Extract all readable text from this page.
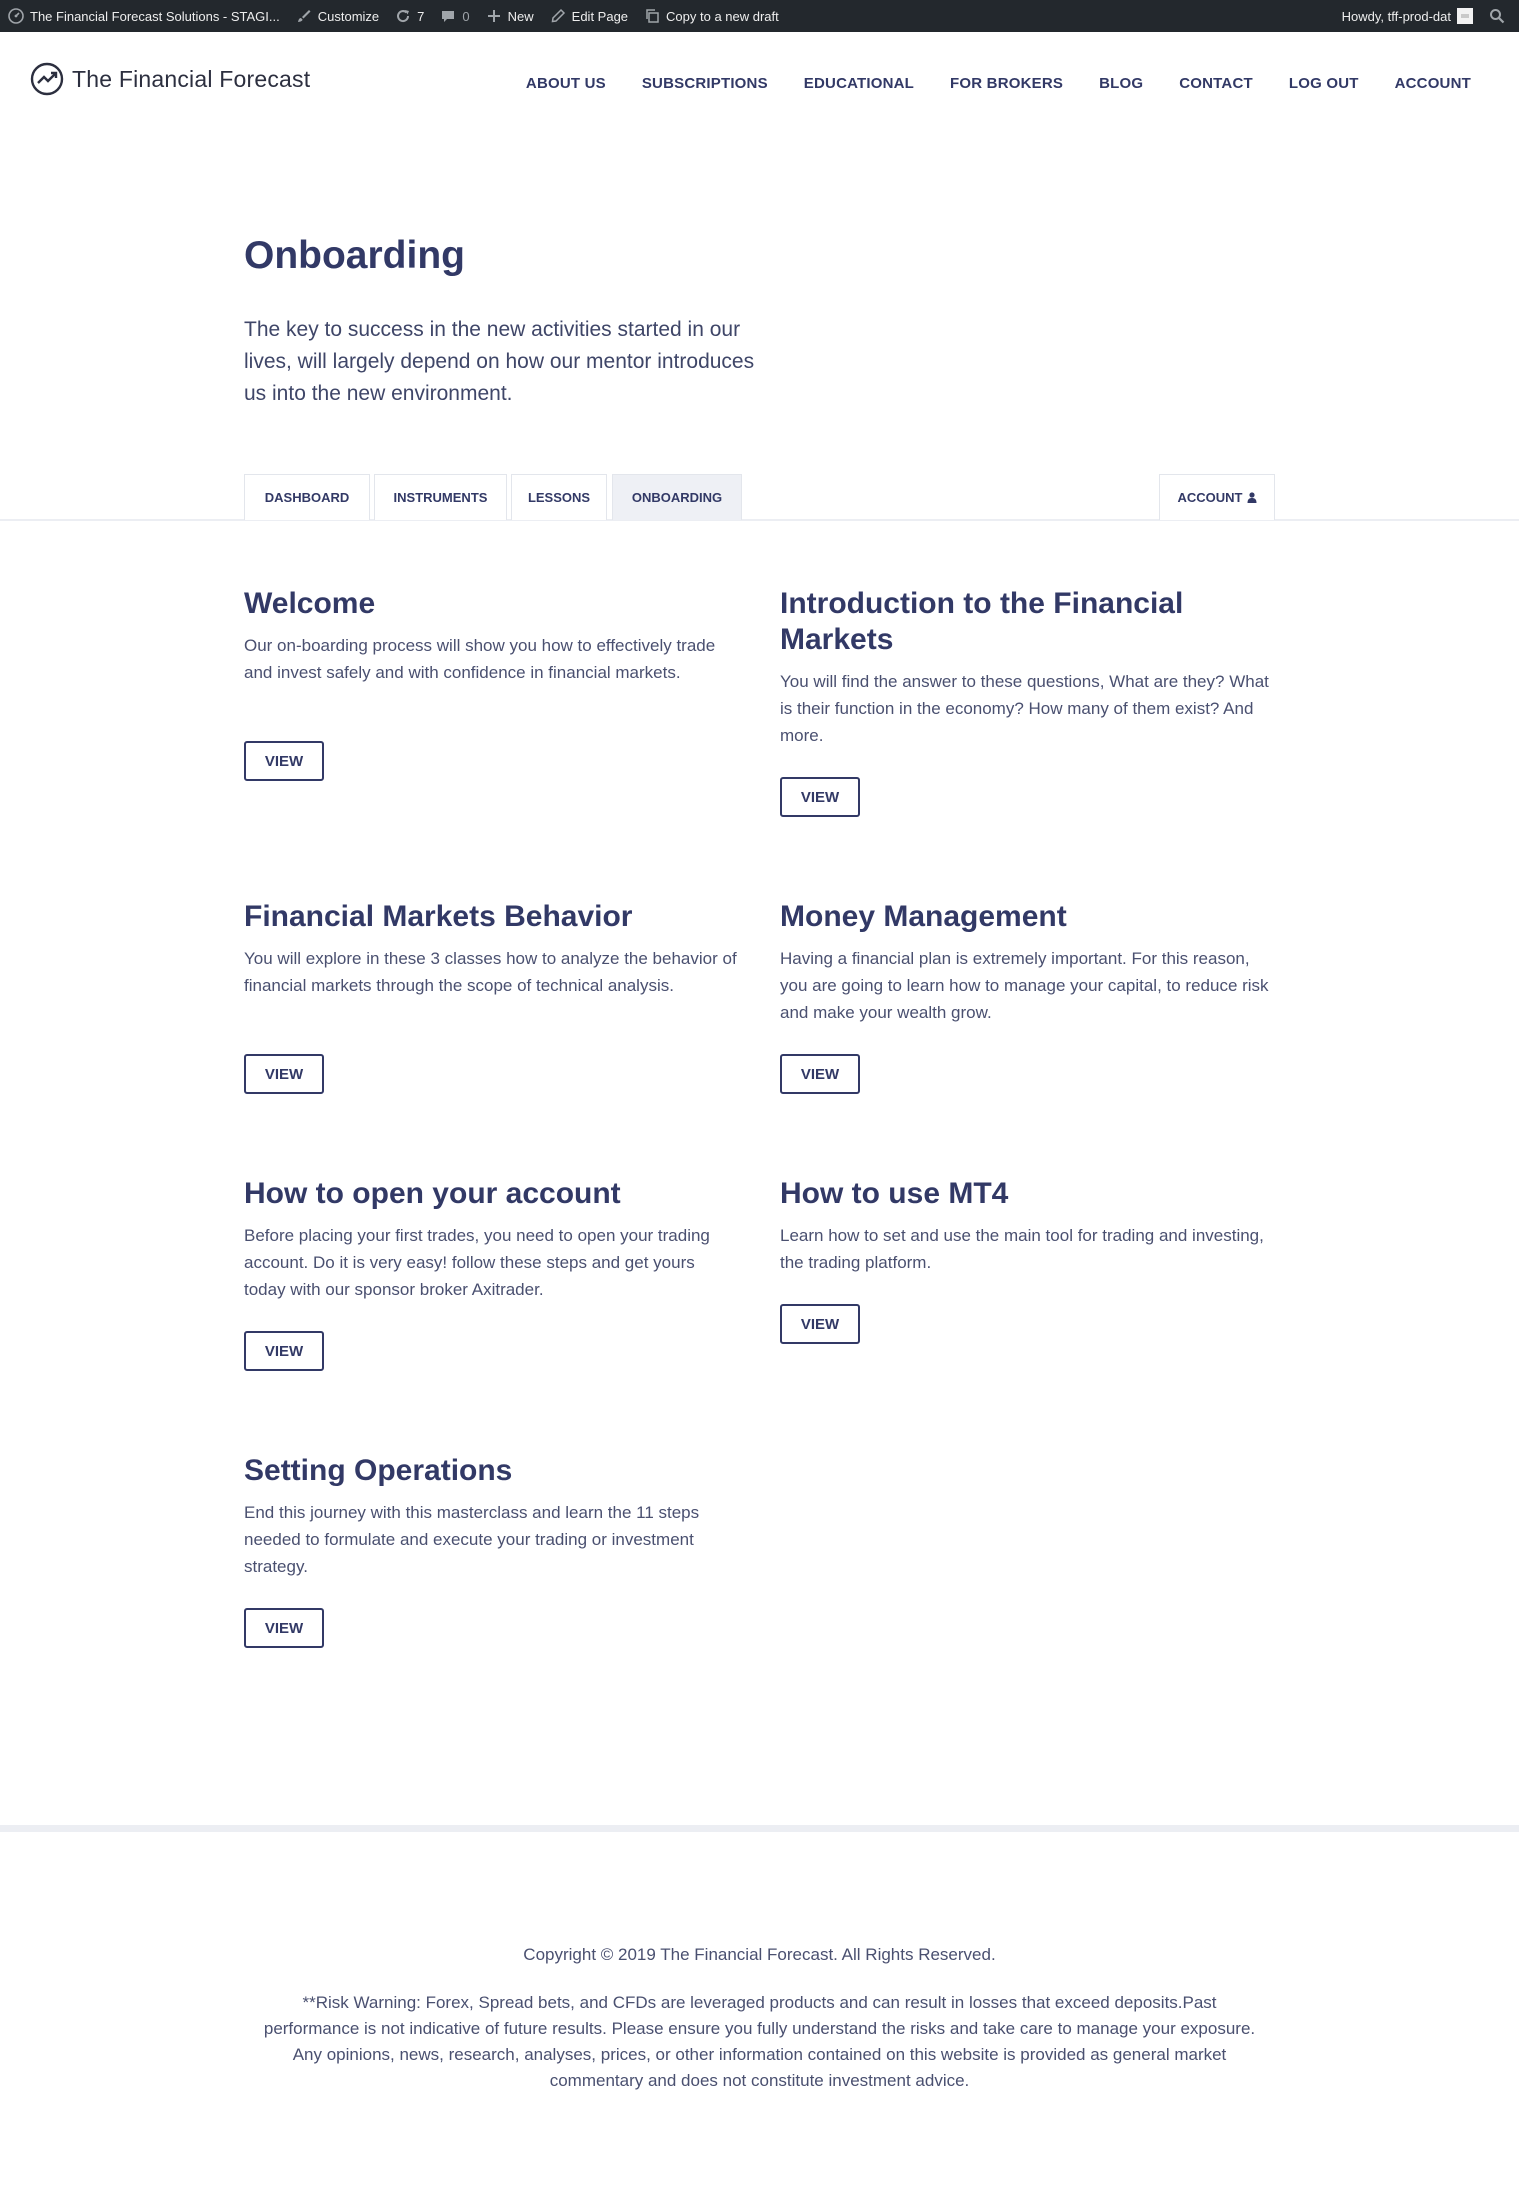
The Financial Forecast Solutions - STAGI...	Customize	7	0	New	Edit Page	Copy to a new draft	Howdy, tff-prod-dat
The Financial Forecast	ABOUT US SUBSCRIPTIONS EDUCATIONAL FOR BROKERS BLOG CONTACT LOG OUT ACCOUNT
Onboarding

The key to success in the new activities started in our lives, will largely depend on how our mentor introduces us into the new environment.

DASHBOARD	INSTRUMENTS	LESSONS	ONBOARDING	ACCOUNT
Welcome

Our on-boarding process will show you how to effectively trade and invest safely and with confidence in financial markets.

VIEW
Introduction to the Financial Markets

You will find the answer to these questions, What are they? What is their function in the economy? How many of them exist? And more.

VIEW
Financial Markets Behavior

You will explore in these 3 classes how to analyze the behavior of financial markets through the scope of technical analysis.

VIEW
Money Management

Having a financial plan is extremely important. For this reason, you are going to learn how to manage your capital, to reduce risk and make your wealth grow.

VIEW
How to open your account

Before placing your first trades, you need to open your trading account. Do it is very easy! follow these steps and get yours today with our sponsor broker Axitrader.

VIEW
How to use MT4

Learn how to set and use the main tool for trading and investing, the trading platform.

VIEW
Setting Operations

End this journey with this masterclass and learn the 11 steps needed to formulate and execute your trading or investment strategy.

VIEW

Copyright © 2019 The Financial Forecast. All Rights Reserved.

**Risk Warning: Forex, Spread bets, and CFDs are leveraged products and can result in losses that exceed deposits.Past performance is not indicative of future results. Please ensure you fully understand the risks and take care to manage your exposure. Any opinions, news, research, analyses, prices, or other information contained on this website is provided as general market commentary and does not constitute investment advice.
